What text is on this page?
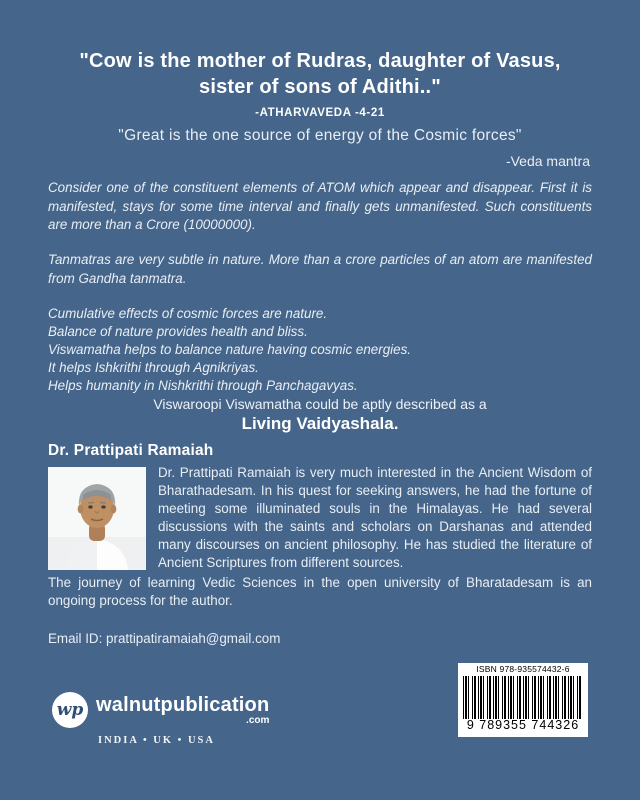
"Cow is the mother of Rudras, daughter of Vasus,
sister of sons of Adithi.."
-ATHARVAVEDA -4-21
"Great is the one source of energy of the Cosmic forces"
-Veda mantra

Consider one of the constituent elements of ATOM which appear and disappear. First it is manifested, stays for some time interval and finally gets unmanifested. Such constituents are more than a Crore (10000000).

Tanmatras are very subtle in nature. More than a crore particles of an atom are manifested from Gandha tanmatra.

Cumulative effects of cosmic forces are nature.
Balance of nature provides health and bliss.
Viswamatha helps to balance nature having cosmic energies.
It helps Ishkrithi through Agnikriyas.
Helps humanity in Nishkrithi through Panchagavyas.
Viswaroopi Viswamatha could be aptly described as a
Living Vaidyashala.
Dr. Prattipati Ramaiah
Dr. Prattipati Ramaiah is very much interested in the Ancient Wisdom of Bharathadesam. In his quest for seeking answers, he had the fortune of meeting some illuminated souls in the Himalayas. He had several discussions with the saints and scholars on Darshanas and attended many discourses on ancient philosophy. He has studied the literature of Ancient Scriptures from different sources.

The journey of learning Vedic Sciences in the open university of Bharatadesam is an ongoing process for the author.

Email ID: prattipatiramaiah@gmail.com

wp walnutpublication
.com
INDIA • UK • USA
ISBN 978-935574432-6
9 789355 744326
